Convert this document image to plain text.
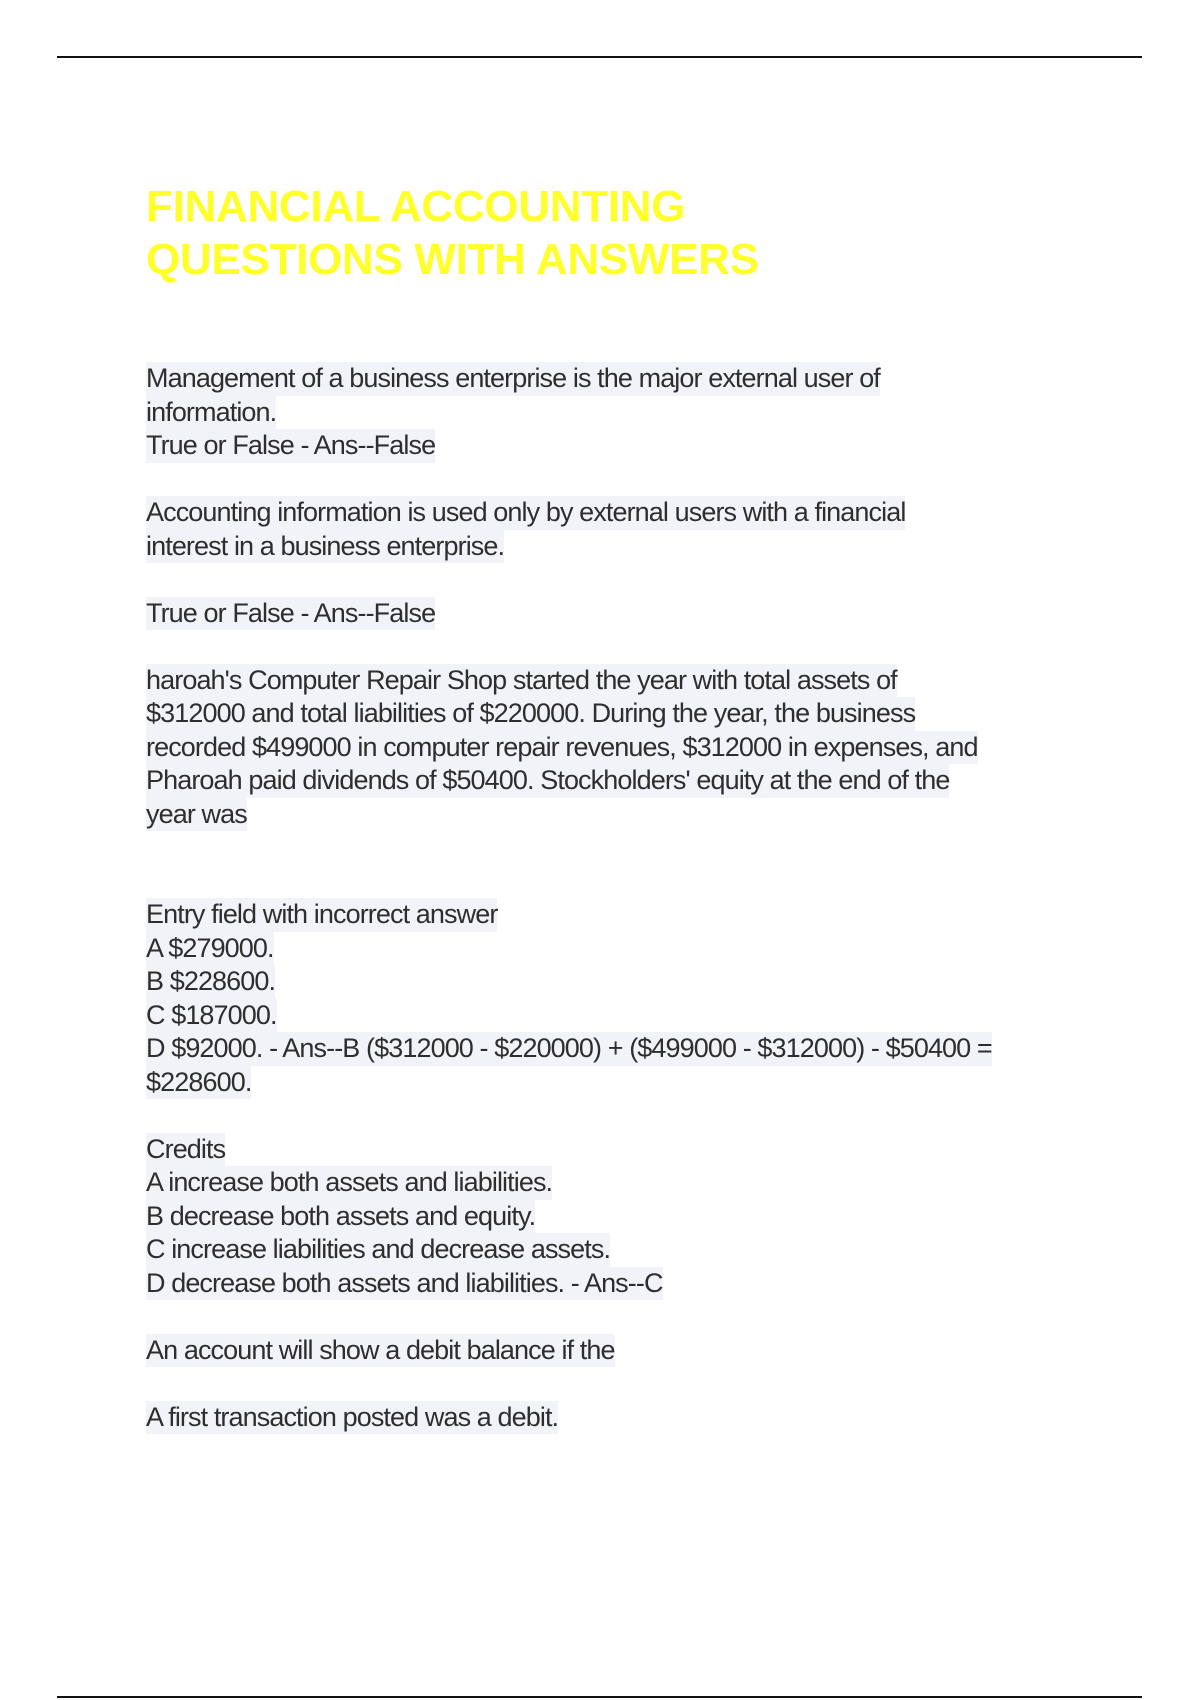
FINANCIAL ACCOUNTING
QUESTIONS WITH ANSWERS
Management of a business enterprise is the major external user of
information.
True or False - Ans--False
Accounting information is used only by external users with a financial
interest in a business enterprise.
True or False - Ans--False
haroah's Computer Repair Shop started the year with total assets of
$312000 and total liabilities of $220000. During the year, the business
recorded $499000 in computer repair revenues, $312000 in expenses, and
Pharoah paid dividends of $50400. Stockholders' equity at the end of the
year was
Entry field with incorrect answer
A $279000.
B $228600.
C $187000.
D $92000. - Ans--B ($312000 - $220000) + ($499000 - $312000) - $50400 =
$228600.
Credits
A increase both assets and liabilities.
B decrease both assets and equity.
C increase liabilities and decrease assets.
D decrease both assets and liabilities. - Ans--C
An account will show a debit balance if the
A first transaction posted was a debit.
